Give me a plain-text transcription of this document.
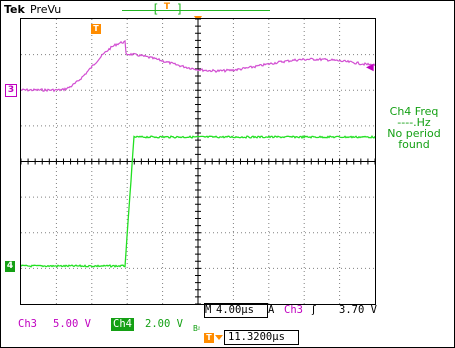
Tek PreVu	[ ]
T
T
3
4
◀
Ch4 Freq
----.Hz
No period
found
M 4.00µs A Ch3 ʃ 3.70 V
Ch3 5.00 V Ch4 2.00 V Bᵡ
T	11.3200µs
